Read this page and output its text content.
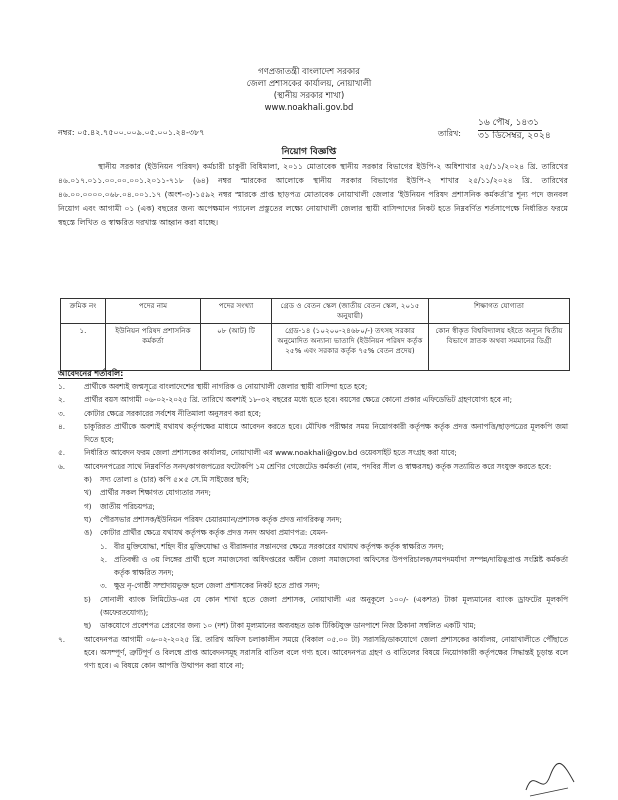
গণপ্রজাতন্ত্রী বাংলাদেশ সরকার
জেলা প্রশাসকের কার্যালয়, নোয়াখালী
(স্থানীয় সরকার শাখা)
www.noakhali.gov.bd
নম্বর: ০৫.৪২.৭৫০০.০০৯.০৫.০০১.২৪-৩৮৭	তারিখ:
১৬ পৌষ, ১৪৩১
৩১ ডিসেম্বর, ২০২৪
নিয়োগ বিজ্ঞপ্তি
স্থানীয় সরকার (ইউনিয়ন পরিষদ) কর্মচারী চাকুরী বিধিমালা, ২০১১ মোতাবেক স্থানীয় সরকার বিভাগের ইউপি-২ অধিশাখার ২৫/১১/২০২৪ খ্রি. তারিখের ৪৬.০১৭.০১১.০০.০০.০০১.২০১১-৭১৮ (৬৪) নম্বর স্মারকের আলোকে স্থানীয় সরকার বিভাগের ইউপি-২ শাখার ২৫/১১/২০২৪ খ্রি. তারিখের ৪৬.০০.০০০০.০৬৮.০৪.০০১.১৭ (অংশ-৩)-১৫৯২ নম্বর স্মারকে প্রাপ্ত ছাড়পত্র মোতাবেক নোয়াখালী জেলার 'ইউনিয়ন পরিষদ প্রশাসনিক কর্মকর্তা'র শূন্য পদে জনবল নিয়োগ এবং আগামী ০১ (এক) বছরের জন্য অপেক্ষমান প্যানেল প্রস্তুতের লক্ষ্যে নোয়াখালী জেলার স্থায়ী বাসিন্দাদের নিকট হতে নিম্নবর্ণিত শর্তসাপেক্ষে নির্ধারিত ফরমে স্বহস্তে লিখিত ও স্বাক্ষরিত দরখাস্ত আহ্বান করা যাচ্ছে।
ক্রমিক নং	পদের নাম	পদের সংখ্যা	গ্রেড ও বেতন স্কেল (জাতীয় বেতন স্কেল, ২০১৫ অনুযায়ী)	শিক্ষাগত যোগ্যতা
১.	ইউনিয়ন পরিষদ প্রশাসনিক কর্মকর্তা	০৮ (আট) টি	গ্রেড-১৪ (১০২০০-২৪৬৮০/-) তৎসহ সরকার অনুমোদিত অন্যান্য ভাতাদি (ইউনিয়ন পরিষদ কর্তৃক ২৫% এবং সরকার কর্তৃক ৭৫% বেতন প্রদেয়)	কোন স্বীকৃত বিশ্ববিদ্যালয় হইতে অন্যূন দ্বিতীয় বিভাগে স্নাতক অথবা সমমানের ডিগ্রী
আবেদনের শর্তাবলি:
১.	প্রার্থীকে অবশ্যই জন্মসূত্রে বাংলাদেশের স্থায়ী নাগরিক ও নোয়াখালী জেলার স্থায়ী বাসিন্দা হতে হবে;
২.	প্রার্থীর বয়স আগামী ০৬-০২-২০২৫ খ্রি. তারিখে অবশ্যই ১৮-৩২ বছরের মধ্যে হতে হবে। বয়সের ক্ষেত্রে কোনো প্রকার এফিডেভিট গ্রহণযোগ্য হবে না;
৩.	কোটার ক্ষেত্রে সরকারের সর্বশেষ নীতিমালা অনুসরণ করা হবে;
৪.	চাকুরিরত প্রার্থীকে অবশ্যই যথাযথ কর্তৃপক্ষের মাধ্যমে আবেদন করতে হবে। মৌখিক পরীক্ষার সময় নিয়োগকারী কর্তৃপক্ষ কর্তৃক প্রদত্ত অনাপত্তি/ছাড়পত্রের মূলকপি জমা দিতে হবে;
৫.	নির্ধারিত আবেদন ফরম জেলা প্রশাসকের কার্যালয়, নোয়াখালী এর www.noakhali@gov.bd ওয়েবসাইট হতে সংগ্রহ করা যাবে;
৬.	আবেদনপত্রের সাথে নিম্নবর্ণিত সনদ/কাগজপত্রের ফটোকপি ১ম শ্রেণির গেজেটেড কর্মকর্তা (নাম, পদবির সীল ও স্বাক্ষরসহ) কর্তৃক সত্যায়িত করে সংযুক্ত করতে হবে:
ক)	সদ্য তোলা ৪ (চার) কপি ৫×৫ সে.মি সাইজের ছবি;
খ)	প্রার্থীর সকল শিক্ষাগত যোগ্যতার সনদ;
গ)	জাতীয় পরিচয়পত্র;
ঘ)	পৌরসভার প্রশাসক/ইউনিয়ন পরিষদ চেয়ারম্যান/প্রশাসক কর্তৃক প্রদত্ত নাগরিকত্ব সনদ;
ঙ)	কোটার প্রার্থীর ক্ষেত্রে যথাযথ কর্তৃপক্ষ কর্তৃক প্রদত্ত সনদ অথবা প্রমাণপত্র: যেমন-
১. বীর মুক্তিযোদ্ধা, শহিদ বীর মুক্তিযোদ্ধা ও বীরাঙ্গনার সন্তানদের ক্ষেত্রে সরকারের যথাযথ কর্তৃপক্ষ কর্তৃক স্বাক্ষরিত সনদ;
২. প্রতিবন্ধী ও ৩য় লিঙ্গের প্রার্থী হলে সমাজসেবা অধিদপ্তরের অধীন জেলা সমাজসেবা অফিসের উপপরিচালক/সমপদমর্যাদা সম্পন্ন/দায়িত্বপ্রাপ্ত সংশ্লিষ্ট কর্মকর্তা কর্তৃক স্বাক্ষরিত সনদ;
৩. ক্ষুদ্র নৃ-গোষ্ঠী সম্প্রদায়ভুক্ত হলে জেলা প্রশাসকের নিকট হতে প্রাপ্ত সনদ;
চ)	সোনালী ব্যাংক লিমিটেড-এর যে কোন শাখা হতে জেলা প্রশাসক, নোয়াখালী এর অনুকূলে ১০০/- (একশত) টাকা মূল্যমানের ব্যাংক ড্রাফটের মূলকপি (অফেরতযোগ্য);
ছ)	ডাকযোগে প্রবেশপত্র প্রেরণের জন্য ১০ (দশ) টাকা মূল্যমানের অব্যবহৃত ডাক টিকিটযুক্ত ডানপাশে নিজ ঠিকানা সম্বলিত একটি খাম;
৭.	আবেদনপত্র আগামী ০৬-০২-২০২৫ খ্রি. তারিখ অফিস চলাকালীন সময়ে (বিকাল ০৫.০০ টা) সরাসরি/ডাকযোগে জেলা প্রশাসকের কার্যালয়, নোয়াখালীতে পৌঁছাতে হবে। অসম্পূর্ণ, ত্রুটিপূর্ণ ও বিলম্বে প্রাপ্ত আবেদনসমূহ সরাসরি বাতিল বলে গণ্য হবে। আবেদনপত্র গ্রহণ ও বাতিলের বিষয়ে নিয়োগকারী কর্তৃপক্ষের সিদ্ধান্তই চূড়ান্ত বলে গণ্য হবে। এ বিষয়ে কোন আপত্তি উত্থাপন করা যাবে না;
